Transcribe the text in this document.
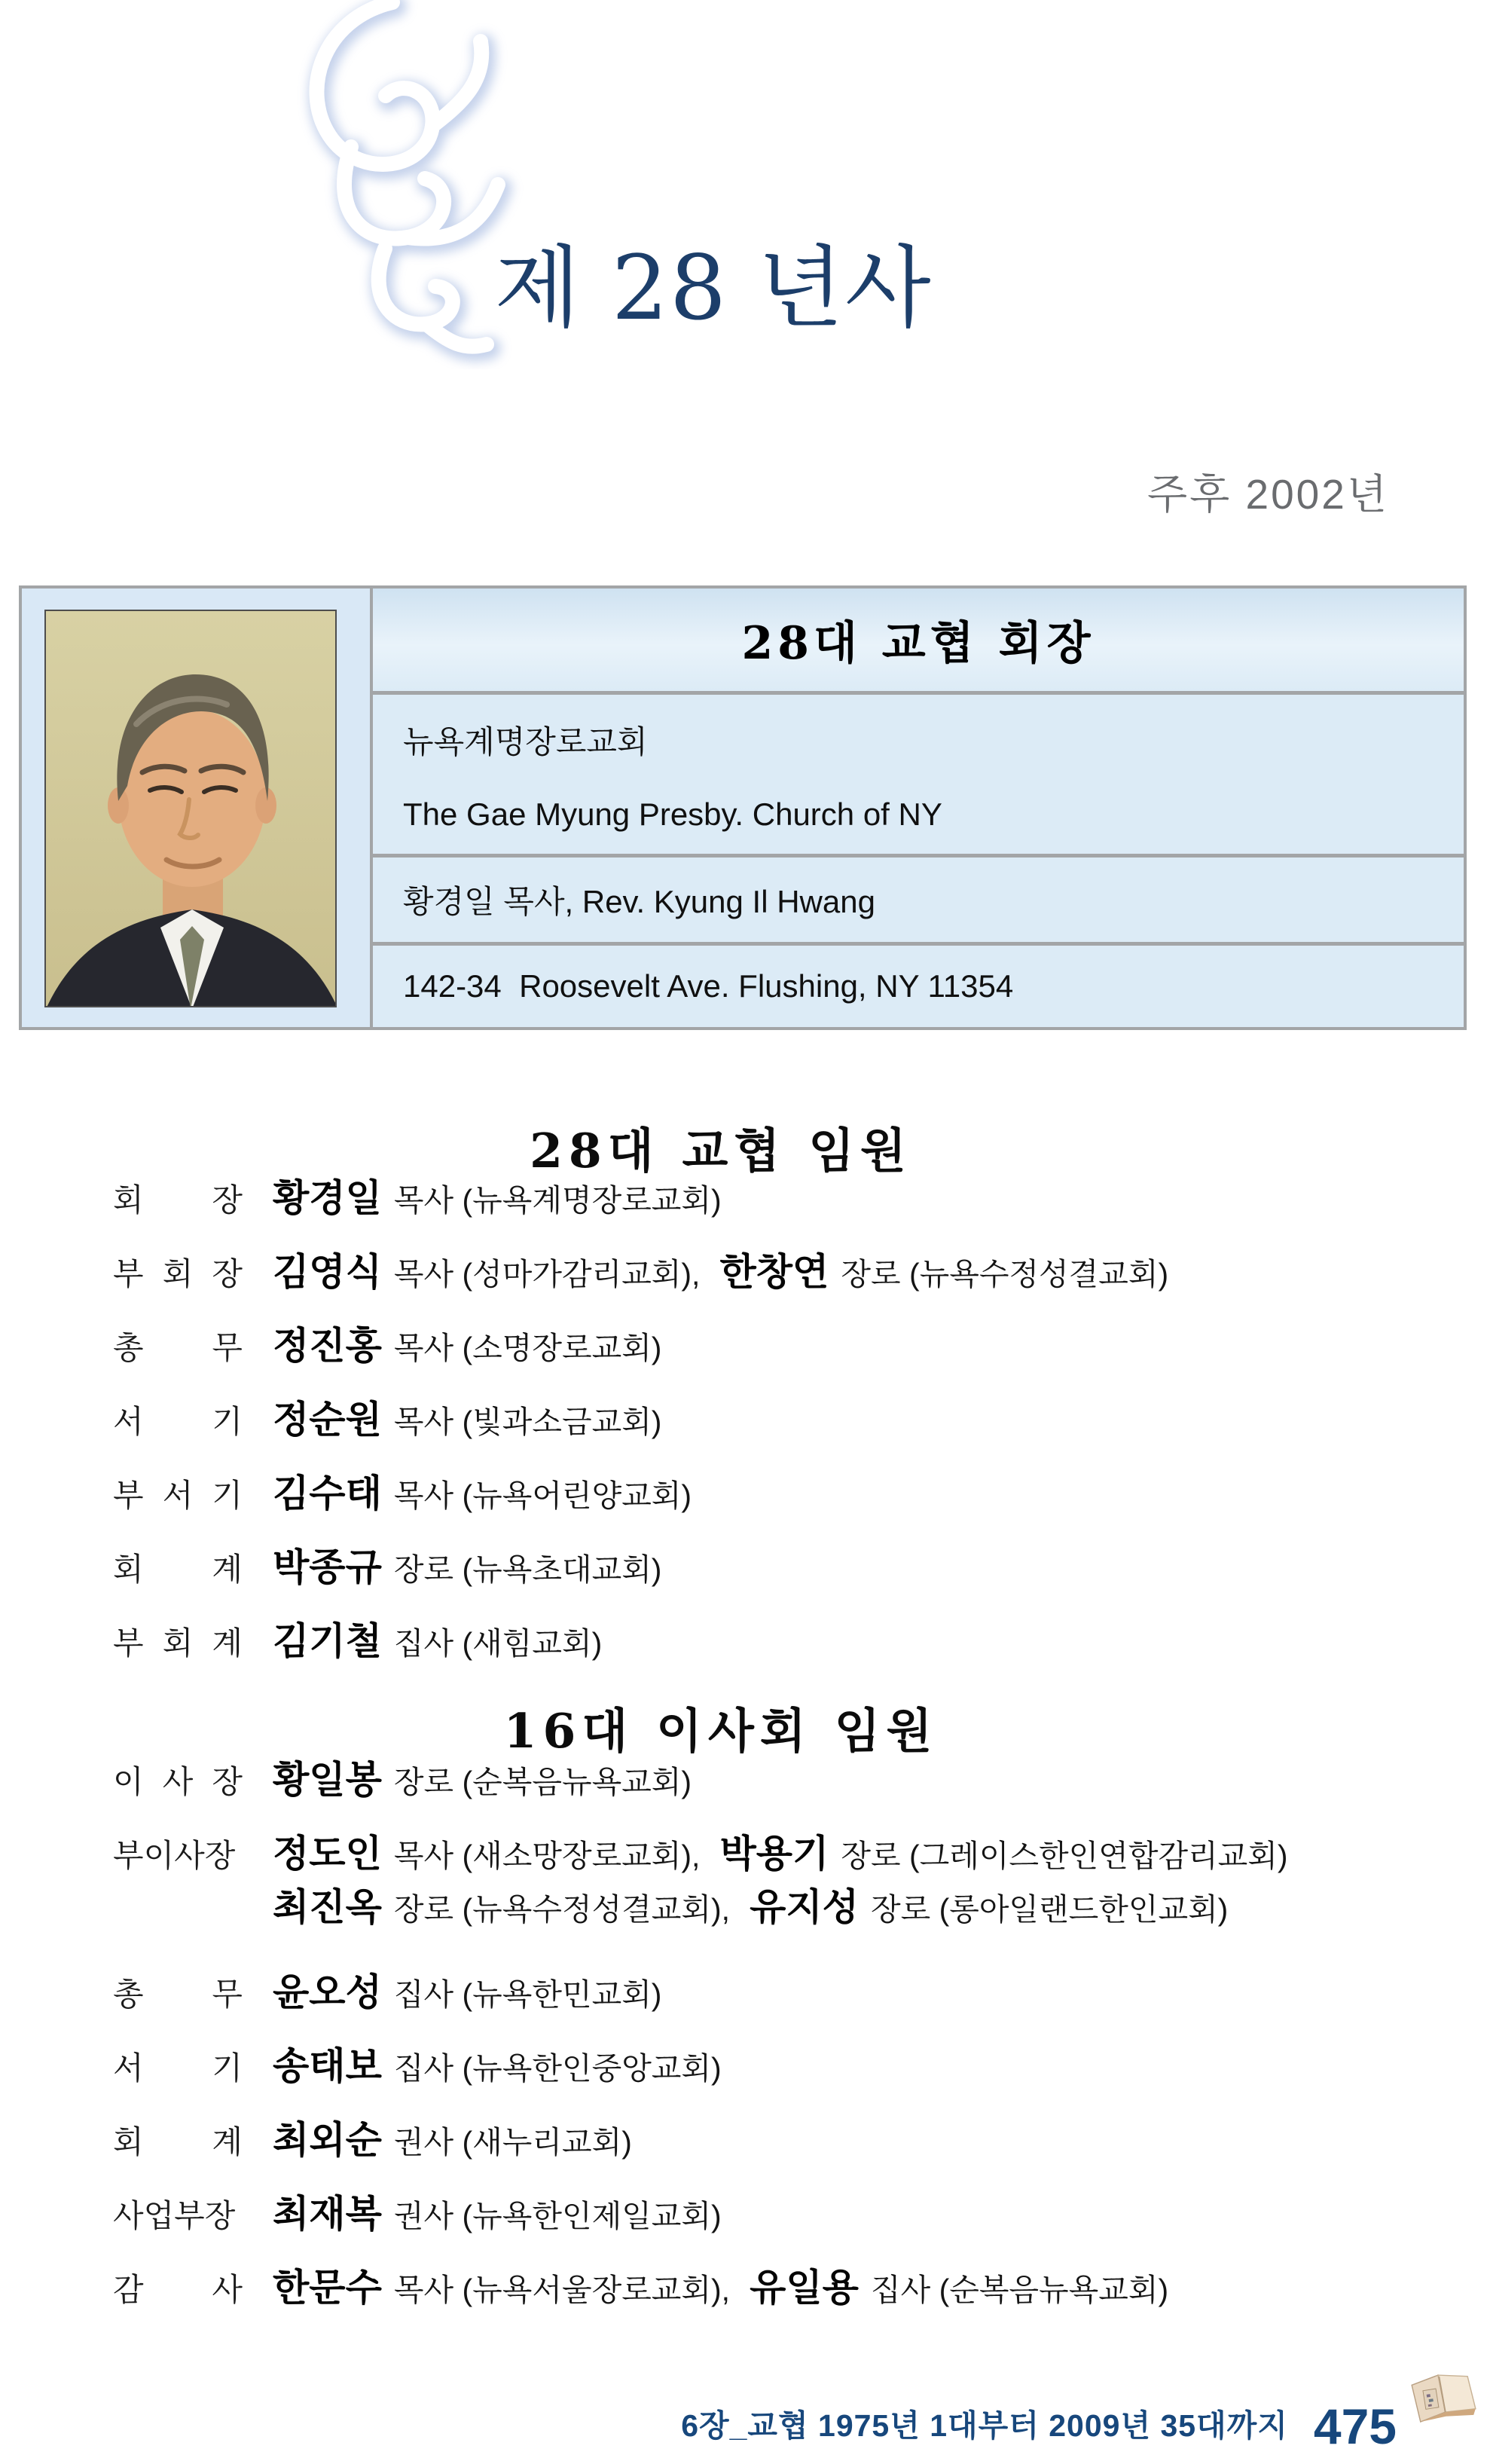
제 28 년사
주후 2002년
28대 교협 회장
뉴욕계명장로교회
The Gae Myung Presby. Church of NY
황경일 목사, Rev. Kyung Il Hwang
142-34  Roosevelt Ave. Flushing, NY 11354
28대 교협 임원
회 장 황경일 목사 (뉴욕계명장로교회)
부 회 장 김영식 목사 (성마가감리교회), 한창연 장로 (뉴욕수정성결교회)
총 무 정진홍 목사 (소명장로교회)
서 기 정순원 목사 (빛과소금교회)
부 서 기 김수태 목사 (뉴욕어린양교회)
회 계 박종규 장로 (뉴욕초대교회)
부 회 계 김기철 집사 (새힘교회)
16대 이사회 임원
이 사 장 황일봉 장로 (순복음뉴욕교회)
부이사장 정도인 목사 (새소망장로교회), 박용기 장로 (그레이스한인연합감리교회)
최진옥 장로 (뉴욕수정성결교회), 유지성 장로 (롱아일랜드한인교회)
총 무 윤오성 집사 (뉴욕한민교회)
서 기 송태보 집사 (뉴욕한인중앙교회)
회 계 최외순 권사 (새누리교회)
사업부장 최재복 권사 (뉴욕한인제일교회)
감 사 한문수 목사 (뉴욕서울장로교회), 유일용 집사 (순복음뉴욕교회)
6장_교협 1975년 1대부터 2009년 35대까지 475
